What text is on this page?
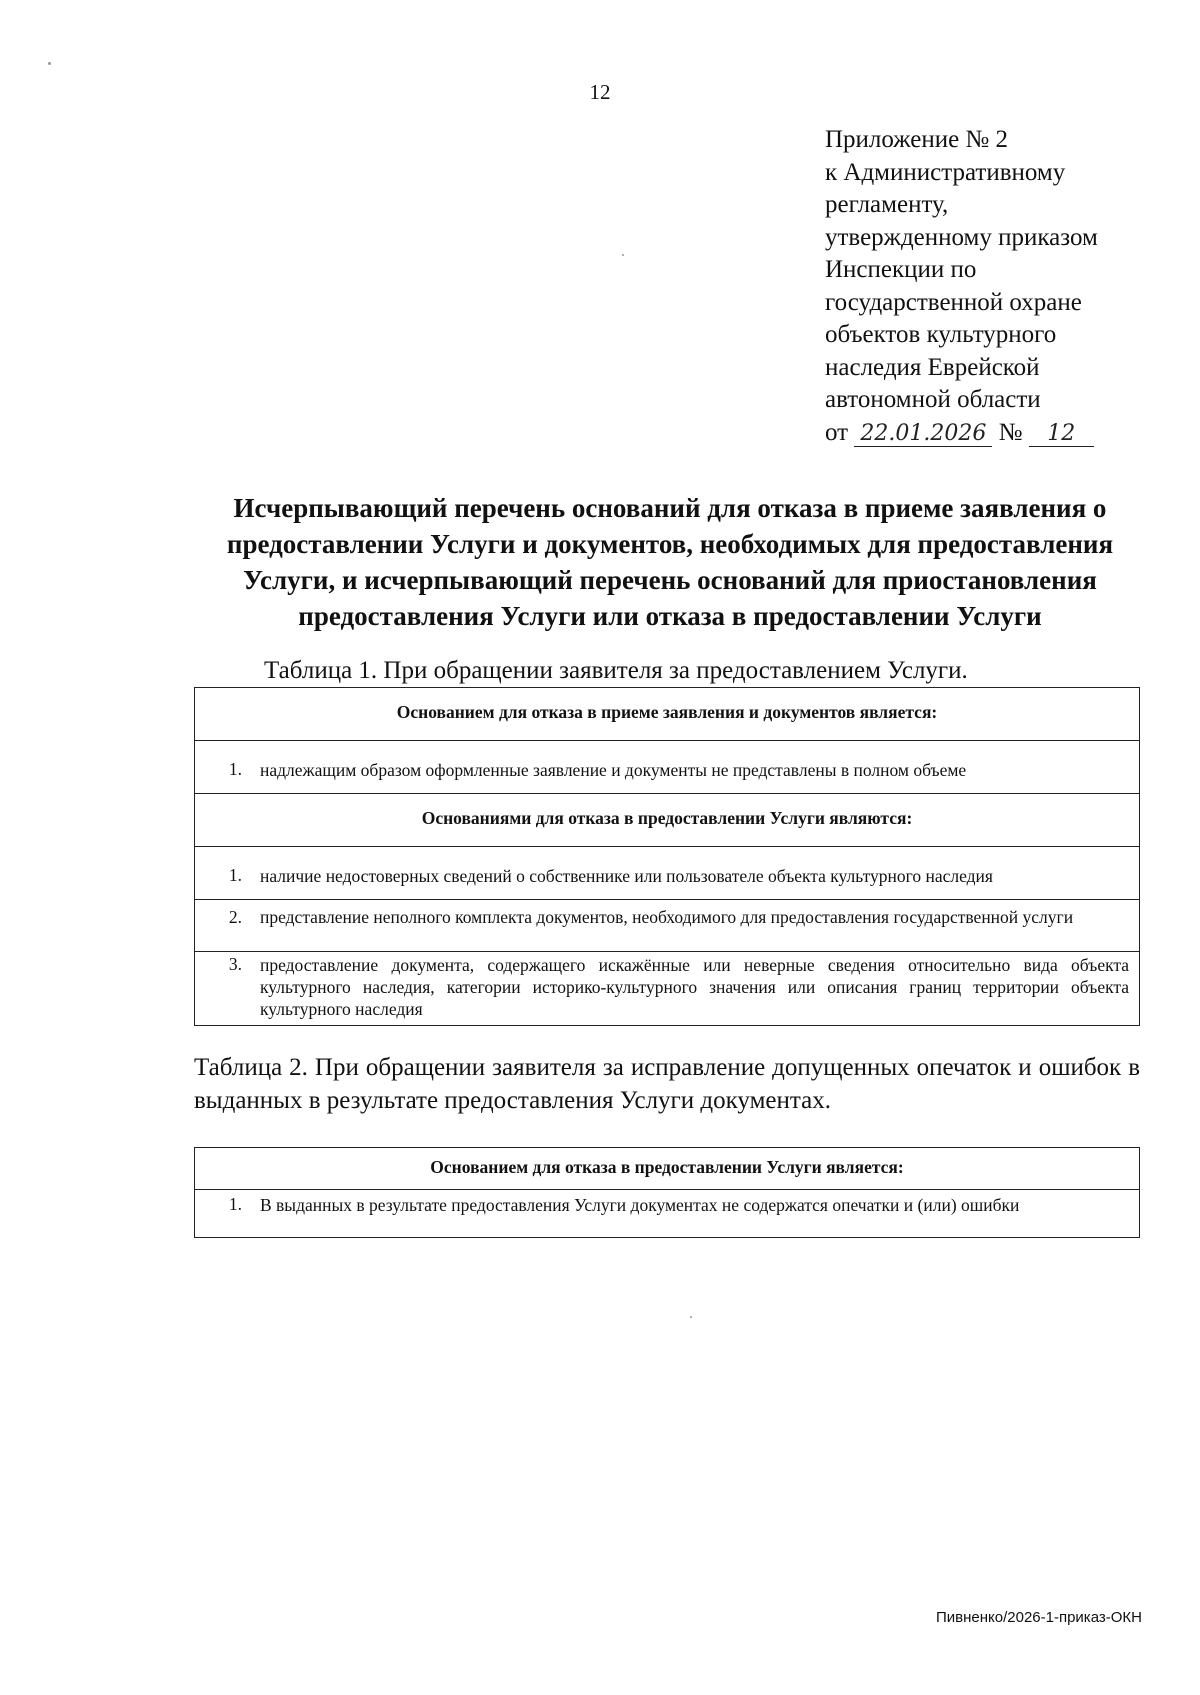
12
Приложение № 2
к Административному
регламенту,
утвержденному приказом
Инспекции по
государственной охране
объектов культурного
наследия Еврейской
автономной области
от 22.01.2026 № 12
Исчерпывающий перечень оснований для отказа в приеме заявления о предоставлении Услуги и документов, необходимых для предоставления Услуги, и исчерпывающий перечень оснований для приостановления предоставления Услуги или отказа в предоставлении Услуги
Таблица 1. При обращении заявителя за предоставлением Услуги.
Основанием для отказа в приеме заявления и документов является:	
1.	надлежащим образом оформленные заявление и документы не представлены в полном объеме
Основаниями для отказа в предоставлении Услуги являются:	
1.	наличие недостоверных сведений о собственнике или пользователе объекта культурного наследия
2.	представление неполного комплекта документов, необходимого для предоставления государственной услуги
3.	предоставление документа, содержащего искажённые или неверные сведения относительно вида объекта культурного наследия, категории историко-культурного значения или описания границ территории объекта культурного наследия
Таблица 2. При обращении заявителя за исправление допущенных опечаток и ошибок в выданных в результате предоставления Услуги документах.
Основанием для отказа в предоставлении Услуги является:
1.	В выданных в результате предоставления Услуги документах не содержатся опечатки и (или) ошибки
Пивненко/2026-1-приказ-ОКН
